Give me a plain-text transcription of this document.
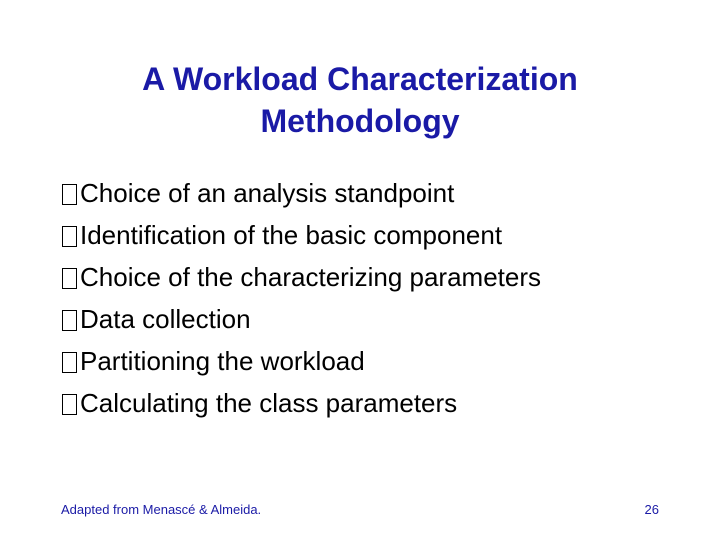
A Workload Characterization Methodology
Choice of an analysis standpoint
Identification of the basic component
Choice of the characterizing parameters
Data collection
Partitioning the workload
Calculating the class parameters
Adapted from Menascé & Almeida.	26
